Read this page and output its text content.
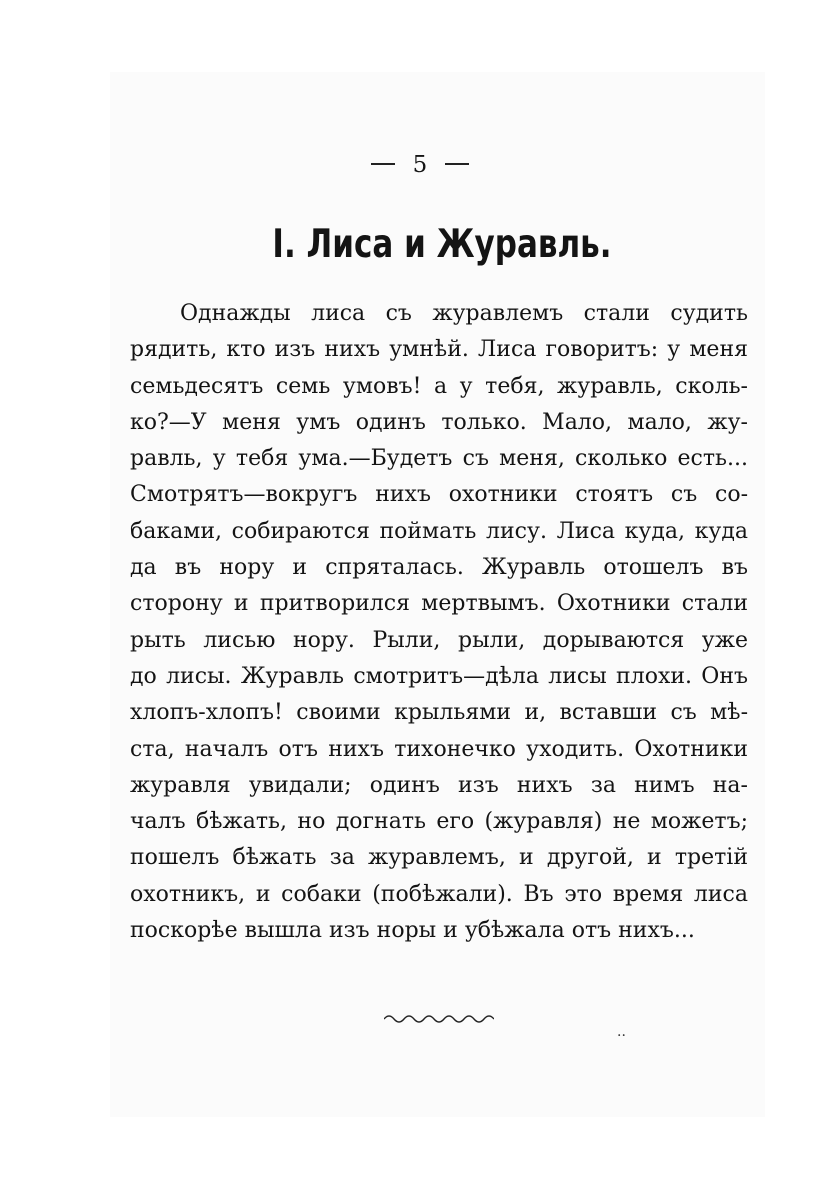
5
I. Лиса и Журавль.
Однажды лиса съ журавлемъ стали судить
рядить, кто изъ нихъ умнѣй. Лиса говоритъ: у меня
семьдесятъ семь умовъ! а у тебя, журавль, сколь-
ко?—У меня умъ одинъ только. Мало, мало, жу-
равль, у тебя ума.—Будетъ съ меня, сколько есть...
Смотрятъ—вокругъ нихъ охотники стоятъ съ со-
баками, собираются поймать лису. Лиса куда, куда
да въ нору и спряталась. Журавль отошелъ въ
сторону и притворился мертвымъ. Охотники стали
рыть лисью нору. Рыли, рыли, дорываются уже
до лисы. Журавль смотритъ—дѣла лисы плохи. Онъ
хлопъ-хлопъ! своими крыльями и, вставши съ мѣ-
ста, началъ отъ нихъ тихонечко уходить. Охотники
журавля увидали; одинъ изъ нихъ за нимъ на-
чалъ бѣжать, но догнать его (журавля) не можетъ;
пошелъ бѣжать за журавлемъ, и другой, и третій
охотникъ, и собаки (побѣжали). Въ это время лиса
поскорѣе вышла изъ норы и убѣжала отъ нихъ...
··
